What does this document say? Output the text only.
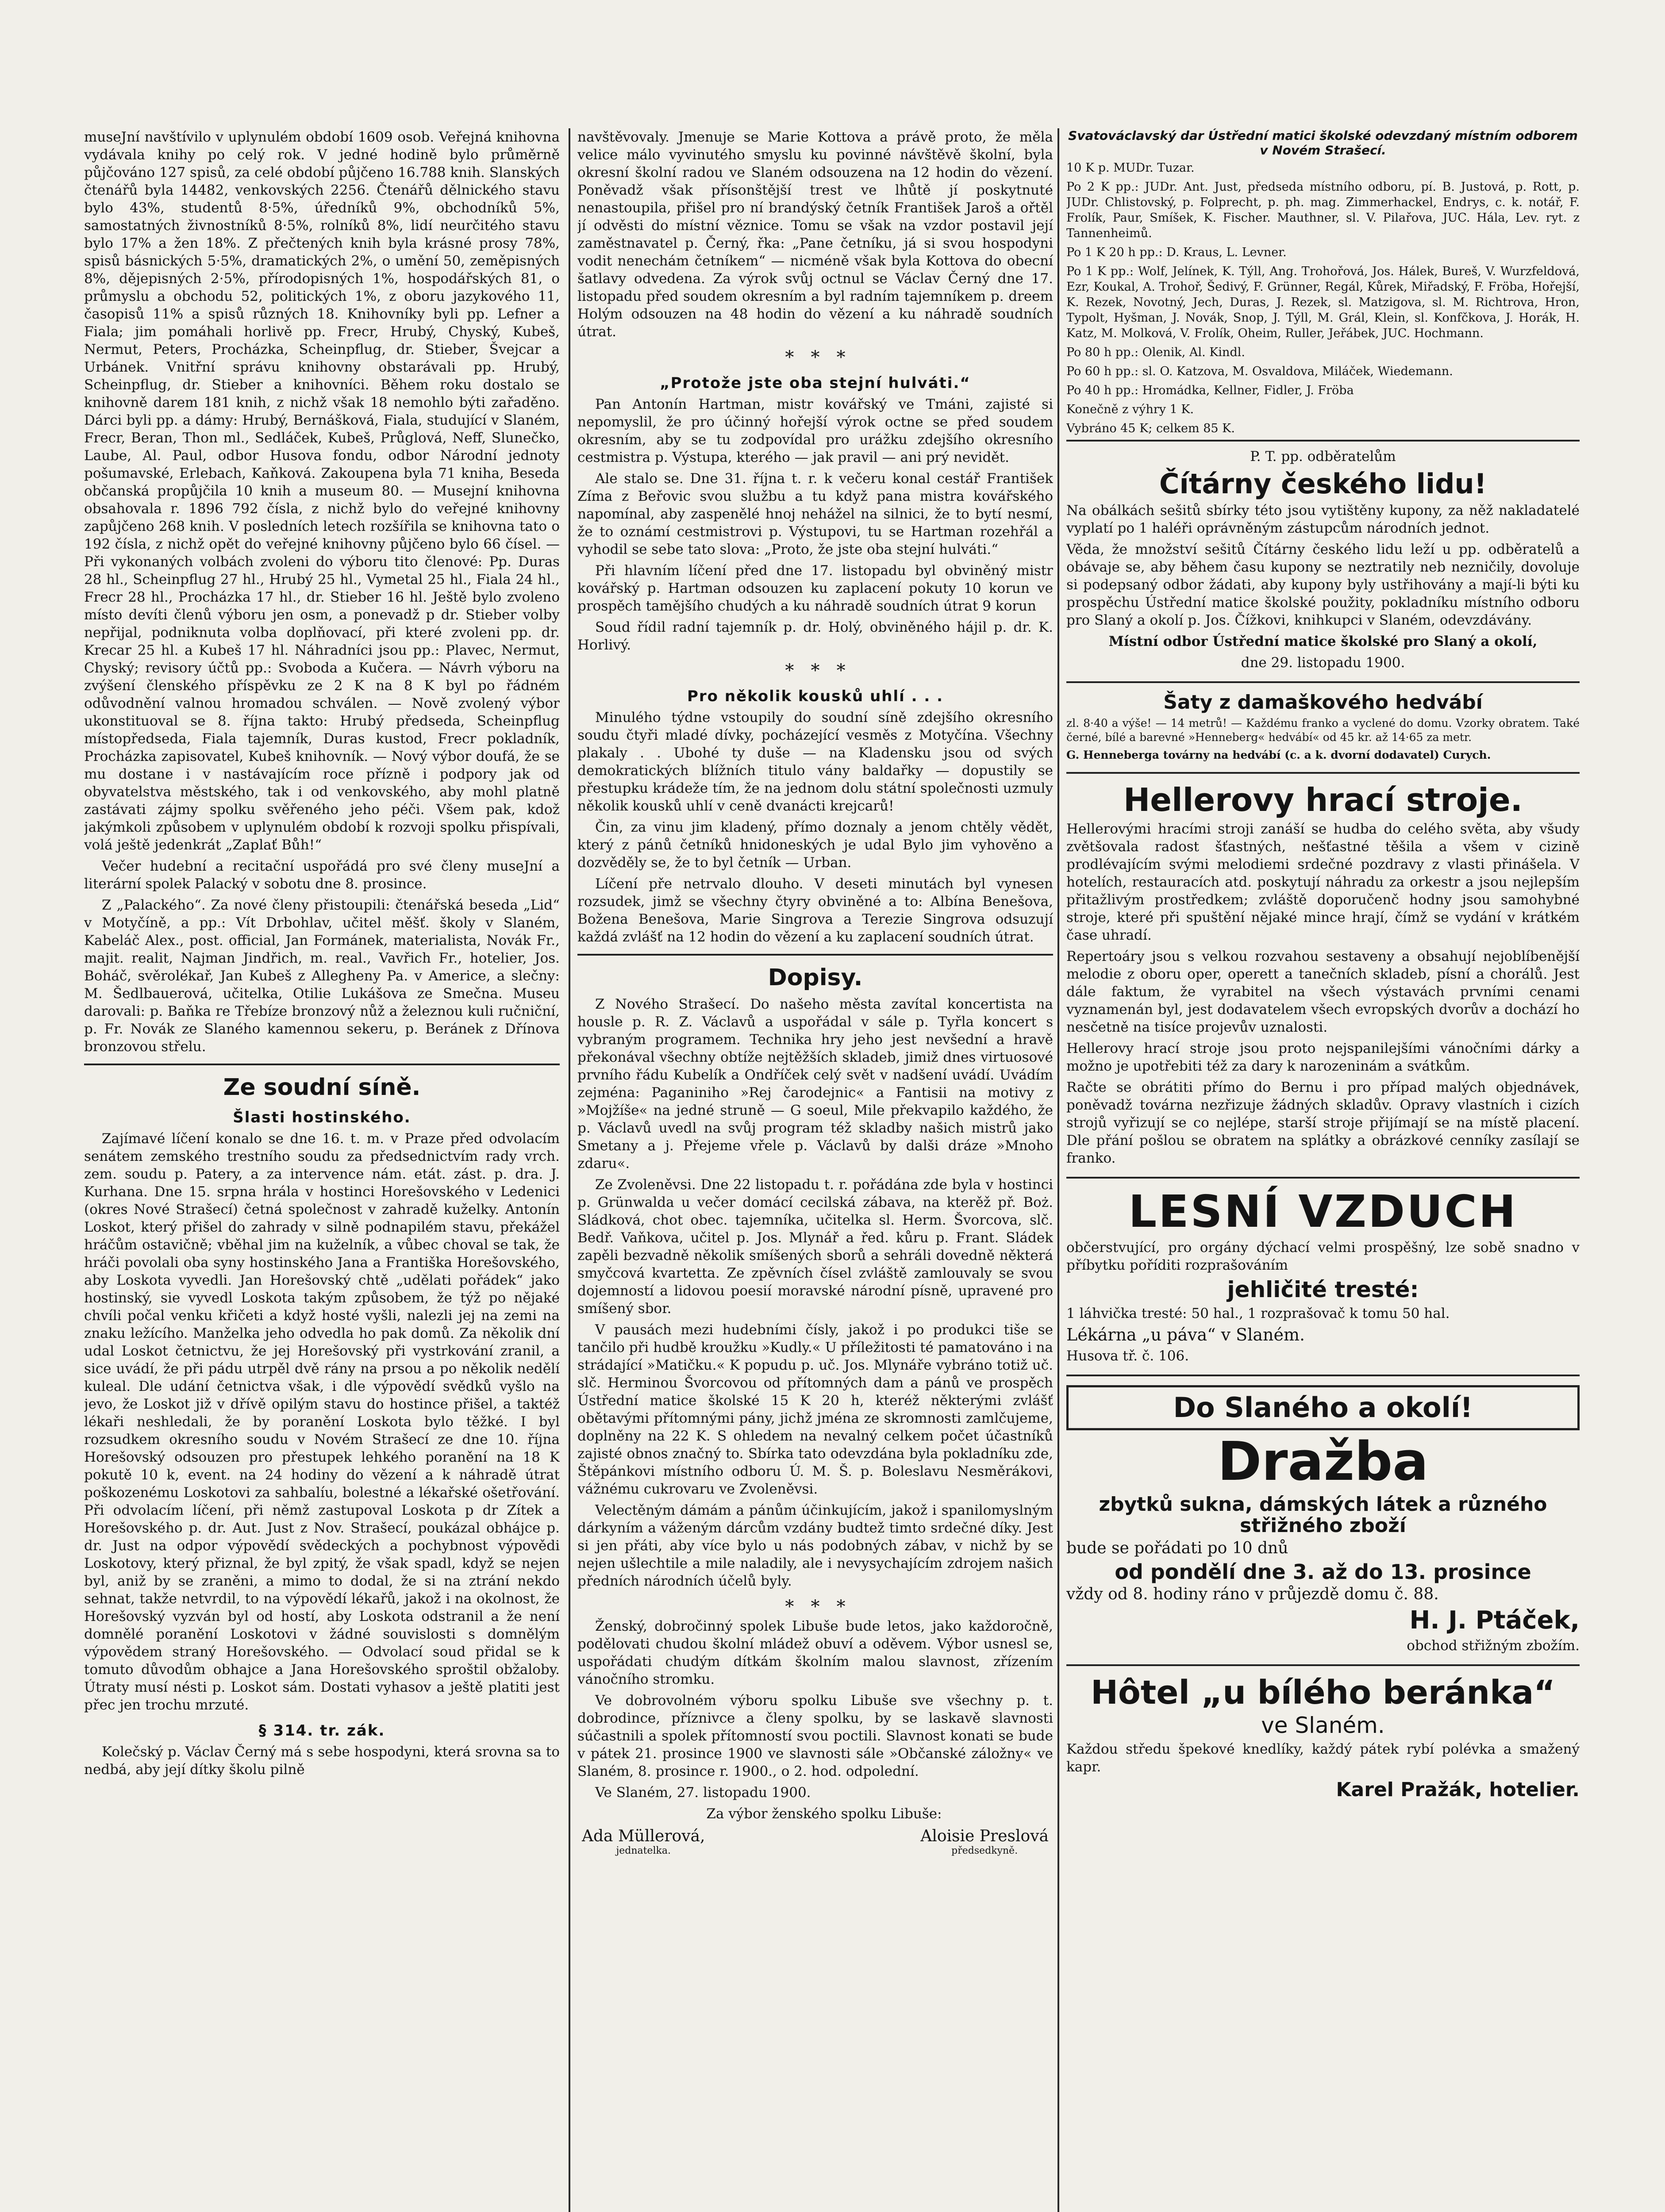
museJní navštívilo v uplynulém období 1609 osob. Veřejná knihovna vydávala knihy po celý rok. V jedné hodině bylo průměrně půjčováno 127 spisů, za celé období půjčeno 16.788 knih. Slanských čtenářů byla 14482, venkovských 2256. Čtenářů dělnického stavu bylo 43%, studentů 8·5%, úředníků 9%, obchodníků 5%, samostatných živnostníků 8·5%, rolníků 8%, lidí neurčitého stavu bylo 17% a žen 18%. Z přečtených knih byla krásné prosy 78%, spisů básnických 5·5%, dramatických 2%, o umění 50, zeměpisných 8%, dějepisných 2·5%, přírodopisných 1%, hospodářských 81, o průmyslu a obchodu 52, politických 1%, z oboru jazykového 11, časopisů 11% a spisů různých 18. Knihovníky byli pp. Lefner a Fiala; jim pomáhali horlivě pp. Frecr, Hrubý, Chyský, Kubeš, Nermut, Peters, Procházka, Scheinpflug, dr. Stieber, Švejcar a Urbánek. Vnitřní správu knihovny obstarávali pp. Hrubý, Scheinpflug, dr. Stieber a knihovníci. Během roku dostalo se knihovně darem 181 knih, z nichž však 18 nemohlo býti zařaděno. Dárci byli pp. a dámy: Hrubý, Bernášková, Fiala, studující v Slaném, Frecr, Beran, Thon ml., Sedláček, Kubeš, Průglová, Neff, Slunečko, Laube, Al. Paul, odbor Husova fondu, odbor Národní jednoty pošumavské, Erlebach, Kaňková. Zakoupena byla 71 kniha, Beseda občanská propůjčila 10 knih a museum 80. — Musejní knihovna obsahovala r. 1896 792 čísla, z nichž bylo do veřejné knihovny zapůjčeno 268 knih. V posledních letech rozšířila se knihovna tato o 192 čísla, z nichž opět do veřejné knihovny půjčeno bylo 66 čísel. — Při vykonaných volbách zvoleni do výboru tito členové: Pp. Duras 28 hl., Scheinpflug 27 hl., Hrubý 25 hl., Vymetal 25 hl., Fiala 24 hl., Frecr 28 hl., Procházka 17 hl., dr. Stieber 16 hl. Ještě bylo zvoleno místo devíti členů výboru jen osm, a ponevadž p dr. Stieber volby nepřijal, podniknuta volba doplňovací, při které zvoleni pp. dr. Krecar 25 hl. a Kubeš 17 hl. Náhradníci jsou pp.: Plavec, Nermut, Chyský; revisory účtů pp.: Svoboda a Kučera. — Návrh výboru na zvýšení členského příspěvku ze 2 K na 8 K byl po řádném odůvodnění valnou hromadou schválen. — Nově zvolený výbor ukonstituoval se 8. října takto: Hrubý předseda, Scheinpflug místopředseda, Fiala tajemník, Duras kustod, Frecr pokladník, Procházka zapisovatel, Kubeš knihovník. — Nový výbor doufá, že se mu dostane i v nastávajícím roce přízně i podpory jak od obyvatelstva městského, tak i od venkovského, aby mohl platně zastávati zájmy spolku svěřeného jeho péči. Všem pak, kdož jakýmkoli způsobem v uplynulém období k rozvoji spolku přispívali, volá ještě jedenkrát „Zaplať Bůh!“

Večer hudební a recitační uspořádá pro své členy museJní a literární spolek Palacký v sobotu dne 8. prosince.

Z „Palackého“. Za nové členy přistoupili: čtenářská beseda „Lid“ v Motyčíně, a pp.: Vít Drbohlav, učitel měšť. školy v Slaném, Kabeláč Alex., post. official, Jan Formánek, materialista, Novák Fr., majit. realit, Najman Jindřich, m. real., Vavřich Fr., hotelier, Jos. Boháč, svěrolékař, Jan Kubeš z Allegheny Pa. v Americe, a slečny: M. Šedlbauerová, učitelka, Otilie Lukášova ze Smečna. Museu darovali: p. Baňka re Třebíze bronzový nůž a železnou kuli ručniční, p. Fr. Novák ze Slaného kamennou sekeru, p. Beránek z Dřínova bronzovou střelu.

Ze soudní síně.
Šlasti hostinského.

Zajímavé líčení konalo se dne 16. t. m. v Praze před odvolacím senátem zemského trestního soudu za předsednictvím rady vrch. zem. soudu p. Patery, a za intervence nám. etát. zást. p. dra. J. Kurhana. Dne 15. srpna hrála v hostinci Horešovského v Ledenici (okres Nové Strašecí) četná společnost v zahradě kuželky. Antonín Loskot, který přišel do zahrady v silně podnapilém stavu, překážel hráčům ostavičně; vběhal jim na kuželník, a vůbec choval se tak, že hráči povolali oba syny hostinského Jana a Františka Horešovského, aby Loskota vyvedli. Jan Horešovský chtě „udělati pořádek“ jako hostinský, sie vyvedl Loskota takým způsobem, že týž po nějaké chvíli počal venku křičeti a když hosté vyšli, nalezli jej na zemi na znaku ležícího. Manželka jeho odvedla ho pak domů. Za několik dní udal Loskot četnictvu, že jej Horešovský při vystrkování zranil, a sice uvádí, že při pádu utrpěl dvě rány na prsou a po několik nedělí kuleal. Dle udání četnictva však, i dle výpovědí svědků vyšlo na jevo, že Loskot již v dřívě opilým stavu do hostince přišel, a taktéž lékaři neshledali, že by poranění Loskota bylo těžké. I byl rozsudkem okresního soudu v Novém Strašecí ze dne 10. října Horešovský odsouzen pro přestupek lehkého poranění na 18 K pokutě 10 k, event. na 24 hodiny do vězení a k náhradě útrat poškozenému Loskotovi za sahbalíu, bolestné a lékařské ošetřování. Při odvolacím líčení, při němž zastupoval Loskota p dr Zítek a Horešovského p. dr. Aut. Just z Nov. Strašecí, poukázal obhájce p. dr. Just na odpor výpovědí svědeckých a pochybnost výpovědi Loskotovy, který přiznal, že byl zpitý, že však spadl, když se nejen byl, aniž by se zraněni, a mimo to dodal, že si na ztrání nekdo sehnat, takže netvrdil, to na výpovědí lékařů, jakož i na okolnost, že Horešovský vyzván byl od hostí, aby Loskota odstranil a že není domnělé poranění Loskotovi v žádné souvislosti s domnělým výpovědem straný Horešovského. — Odvolací soud přidal se k tomuto důvodům obhajce a Jana Horešovského sproštil obžaloby. Útraty musí nésti p. Loskot sám. Dostati vyhasov a ještě platiti jest přec jen trochu mrzuté.

§ 314. tr. zák.

Kolečský p. Václav Černý má s sebe hospodyni, která srovna sa to nedbá, aby její dítky školu pilně

navštěvovaly. Jmenuje se Marie Kottova a právě proto, že měla velice málo vyvinutého smyslu ku povinné návštěvě školní, byla okresní školní radou ve Slaném odsouzena na 12 hodin do vězení. Poněvadž však přísonštější trest ve lhůtě jí poskytnuté nenastoupila, přišel pro ní brandýský četník František Jaroš a ořtěl jí odvěsti do místní věznice. Tomu se však na vzdor postavil její zaměstnavatel p. Černý, řka: „Pane četníku, já si svou hospodyni vodit nenechám četníkem“ — nicméně však byla Kottova do obecní šatlavy odvedena. Za výrok svůj octnul se Václav Černý dne 17. listopadu před soudem okresním a byl radním tajemníkem p. dreem Holým odsouzen na 48 hodin do vězení a ku náhradě soudních útrat.

*   *   *
„Protože jste oba stejní hulváti.“

Pan Antonín Hartman, mistr kovářský ve Tmáni, zajisté si nepomyslil, že pro účinný hořejší výrok octne se před soudem okresním, aby se tu zodpovídal pro urážku zdejšího okresního cestmistra p. Výstupa, kterého — jak pravil — ani prý nevidět.

Ale stalo se. Dne 31. října t. r. k večeru konal cestář František Zíma z Beřovic svou službu a tu když pana mistra kovářského napomínal, aby zaspenělé hnoj nehážel na silnici, že to bytí nesmí, že to oznámí cestmistrovi p. Výstupovi, tu se Hartman rozehřál a vyhodil se sebe tato slova: „Proto, že jste oba stejní hulváti.“

Při hlavním líčení před dne 17. listopadu byl obviněný mistr kovářský p. Hartman odsouzen ku zaplacení pokuty 10 korun ve prospěch tamějšího chudých a ku náhradě soudních útrat 9 korun

Soud řídil radní tajemník p. dr. Holý, obviněného hájil p. dr. K. Horlivý.

*   *   *
Pro několik kousků uhlí . . .

Minulého týdne vstoupily do soudní síně zdejšího okresního soudu čtyři mladé dívky, pocházející vesměs z Motyčína. Všechny plakaly . . Ubohé ty duše — na Kladensku jsou od svých demokratických blížních titulo vány baldařky — dopustily se přestupku krádeže tím, že na jednom dolu státní společnosti uzmuly několik kousků uhlí v ceně dvanácti krejcarů!

Čin, za vinu jim kladený, přímo doznaly a jenom chtěly vědět, který z pánů četníků hnidoneských je udal Bylo jim vyhověno a dozvěděly se, že to byl četník — Urban.

Líčení pře netrvalo dlouho. V deseti minutách byl vynesen rozsudek, jimž se všechny čtyry obviněné a to: Albína Benešova, Božena Benešova, Marie Singrova a Terezie Singrova odsuzují každá zvlášť na 12 hodin do vězení a ku zaplacení soudních útrat.

Dopisy.

Z Nového Strašecí. Do našeho města zavítal koncertista na housle p. R. Z. Václavů a uspořádal v sále p. Tyřla koncert s vybraným programem. Technika hry jeho jest nevšední a hravě překonával všechny obtíže nejtěžších skladeb, jimiž dnes virtuosové prvního řádu Kubelík a Ondříček celý svět v nadšení uvádí. Uvádím zejména: Paganiniho »Rej čarodejnic« a Fantisii na motivy z »Mojžíše« na jedné struně — G soeul, Mile překvapilo každého, že p. Václavů uvedl na svůj program též skladby našich mistrů jako Smetany a j. Přejeme vřele p. Václavů by dalši dráze »Mnoho zdaru«.

Ze Zvoleněvsi. Dne 22 listopadu t. r. pořádána zde byla v hostinci p. Grünwalda u večer domácí cecilská zábava, na kterěž př. Boż. Sládková, chot obec. tajemníka, učitelka sl. Herm. Švorcova, slč. Bedř. Vaňkova, učitel p. Jos. Mlynář a řed. kůru p. Frant. Sládek zapěli bezvadně několik smíšených sborů a sehráli dovedně některá smyčcová kvartetta. Ze zpěvních čísel zvláště zamlouvaly se svou dojemností a lidovou poesií moravské národní písně, upravené pro smíšený sbor.

V pausách mezi hudebními čísly, jakož i po produkci tiše se tančilo při hudbě kroužku »Kudly.« U příležitosti té pamatováno i na strádající »Matičku.« K popudu p. uč. Jos. Mlynáře vybráno totiž uč. slč. Herminou Švorcovou od přítomných dam a pánů ve prospěch Ústřední matice školské 15 K 20 h, kteréž některými zvlášť obětavými přítomnými pány, jichž jména ze skromnosti zamlčujeme, doplněny na 22 K. S ohledem na nevalný celkem počet účastníků zajisté obnos značný to. Sbírka tato odevzdána byla pokladníku zde, Štěpánkovi místního odboru Ú. M. Š. p. Boleslavu Nesměrákovi, vážnému cukrovaru ve Zvoleněvsi.

Velectěným dámám a pánům účinkujícím, jakož i spanilomyslným dárkyním a váženým dárcům vzdány budtež timto srdečné díky. Jest si jen přáti, aby více bylo u nás podobných zábav, v nichž by se nejen ušlechtile a mile naladily, ale i nevysychajícím zdrojem našich předních národních účelů byly.

*   *   *

Ženský, dobročinný spolek Libuše bude letos, jako každoročně, podělovati chudou školní mládež obuví a oděvem. Výbor usnesl se, uspořádati chudým dítkám školním malou slavnost, zřízením vánočního stromku.

Ve dobrovolném výboru spolku Libuše sve všechny p. t. dobrodince, příznivce a členy spolku, by se laskavě slavnosti súčastnili a spolek přítomností svou poctili. Slavnost konati se bude v pátek 21. prosince 1900 ve slavnosti sále »Občanské záložny« ve Slaném, 8. prosince r. 1900., o 2. hod. odpolední.

Ve Slaném, 27. listopadu 1900.

Za výbor ženského spolku Libuše:

Ada Müllerová,
jednatelka.
Aloisie Preslová
předsedkyně.
Svatováclavský dar Ústřední matici školské odevzdaný místním odborem v Novém Strašecí.

10 K p. MUDr. Tuzar.

Po 2 K pp.: JUDr. Ant. Just, předseda místního odboru, pí. B. Justová, p. Rott, p. JUDr. Chlistovský, p. Folprecht, p. ph. mag. Zimmerhackel, Endrys, c. k. notář, F. Frolík, Paur, Smíšek, K. Fischer. Mauthner, sl. V. Pilařova, JUC. Hála, Lev. ryt. z Tannenheimů.

Po 1 K 20 h pp.: D. Kraus, L. Levner.

Po 1 K pp.: Wolf, Jelínek, K. Týll, Ang. Trohořová, Jos. Hálek, Bureš, V. Wurzfeldová, Ezr, Koukal, A. Trohoř, Šedivý, F. Grünner, Regál, Kůrek, Miřadský, F. Fröba, Hořejší, K. Rezek, Novotný, Jech, Duras, J. Rezek, sl. Matzigova, sl. M. Richtrova, Hron, Typolt, Hyšman, J. Novák, Snop, J. Týll, M. Grál, Klein, sl. Konfčkova, J. Horák, H. Katz, M. Molková, V. Frolík, Oheim, Ruller, Jeřábek, JUC. Hochmann.

Po 80 h pp.: Olenik, Al. Kindl.

Po 60 h pp.: sl. O. Katzova, M. Osvaldova, Miláček, Wiedemann.

Po 40 h pp.: Hromádka, Kellner, Fidler, J. Fröba

Konečně z výhry 1 K.

Vybráno 45 K; celkem 85 K.

P. T. pp. odběratelům

Čítárny českého lidu!

Na obálkách sešitů sbírky této jsou vytištěny kupony, za něž nakladatelé vyplatí po 1 haléři oprávněným zástupcům národních jednot.

Věda, že množství sešitů Čítárny českého lidu leží u pp. odběratelů a obávaje se, aby během času kupony se neztratily neb nezničily, dovoluje si podepsaný odbor žádati, aby kupony byly ustřihovány a mají-li býti ku prospěchu Ústřední matice školské použity, pokladníku místního odboru pro Slaný a okolí p. Jos. Čížkovi, knihkupci v Slaném, odevzdávány.

Místní odbor Ústřední matice školské pro Slaný a okolí,

dne 29. listopadu 1900.

Šaty z damaškového hedvábí

zl. 8·40 a výše! — 14 metrů! — Každému franko a vyclené do domu. Vzorky obratem. Také černé, bílé a barevné »Henneberg« hedvábí« od 45 kr. až 14·65 za metr.

G. Henneberga továrny na hedvábí (c. a k. dvorní dodavatel) Curych.

Hellerovy hrací stroje.

Hellerovými hracími stroji zanáší se hudba do celého světa, aby všudy zvětšovala radost šťastných, nešťastné těšila a všem v cizině prodlévajícím svými melodiemi srdečné pozdravy z vlasti přinášela. V hotelích, restauracích atd. poskytují náhradu za orkestr a jsou nejlepším přitažlivým prostředkem; zvláště doporučenč hodny jsou samohybné stroje, které při spuštění nějaké mince hrají, čímž se vydání v krátkém čase uhradí.

Repertoáry jsou s velkou rozvahou sestaveny a obsahují nejoblíbenější melodie z oboru oper, operett a tanečních skladeb, písní a chorálů. Jest dále faktum, že vyrabitel na všech výstavách prvními cenami vyznamenán byl, jest dodavatelem všech evropských dvorův a dochází ho nesčetně na tisíce projevův uznalosti.

Hellerovy hrací stroje jsou proto nejspanilejšími vánočními dárky a možno je upotřebiti též za dary k narozeninám a svátkům.

Račte se obrátiti přímo do Bernu i pro případ malých objednávek, poněvadž továrna nezřizuje žádných skladův. Opravy vlastních i cizích strojů vyřizují se co nejlépe, starší stroje přijímají se na místě placení. Dle přání pošlou se obratem na splátky a obrázkové cenníky zasílají se franko.

LESNÍ VZDUCH

občerstvující, pro orgány dýchací velmi prospěšný, lze sobě snadno v příbytku poříditi rozprašováním

jehličité tresté:

1 láhvička tresté: 50 hal., 1 rozprašovač k tomu 50 hal.

Lékárna „u páva“ v Slaném.

Husova tř. č. 106.

Do Slaného a okolí!
Dražba
zbytků sukna, dámských látek a různého střižného zboží

bude se pořádati po 10 dnů

od pondělí dne 3. až do 13. prosince

vždy od 8. hodiny ráno v průjezdě domu č. 88.

H. J. Ptáček,

obchod střižným zbožím.

Hôtel „u bílého beránka“
ve Slaném.

Každou středu špekové knedlíky, každý pátek rybí polévka a smažený kapr.

Karel Pražák, hotelier.
